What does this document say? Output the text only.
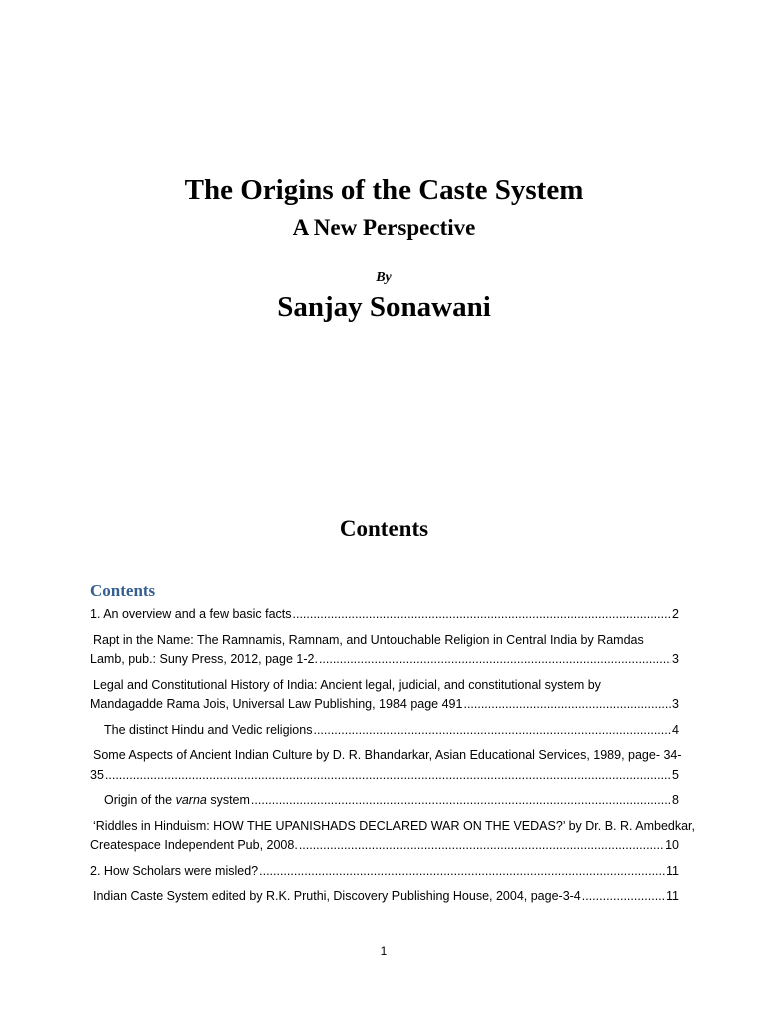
The Origins of the Caste System
A New Perspective
By
Sanjay Sonawani
Contents
Contents
1. An overview and a few basic facts .....	2
Rapt in the Name: The Ramnamis, Ramnam, and Untouchable Religion in Central India by Ramdas
Lamb, pub.: Suny Press, 2012, page 1-2. .....	3
Legal and Constitutional History of India: Ancient legal, judicial, and constitutional system by
Mandagadde Rama Jois, Universal Law Publishing, 1984 page 491 .....	3
The distinct Hindu and Vedic religions .....	4
Some Aspects of Ancient Indian Culture by D. R. Bhandarkar, Asian Educational Services, 1989, page- 34-
35 .....	5
Origin of the varna system .....	8
‘Riddles in Hinduism: HOW THE UPANISHADS DECLARED WAR ON THE VEDAS?’ by Dr. B. R. Ambedkar,
Createspace Independent Pub, 2008. .....	10
2. How Scholars were misled? .....	11
Indian Caste System edited by R.K. Pruthi, Discovery Publishing House, 2004, page-3-4 .....	11
1
